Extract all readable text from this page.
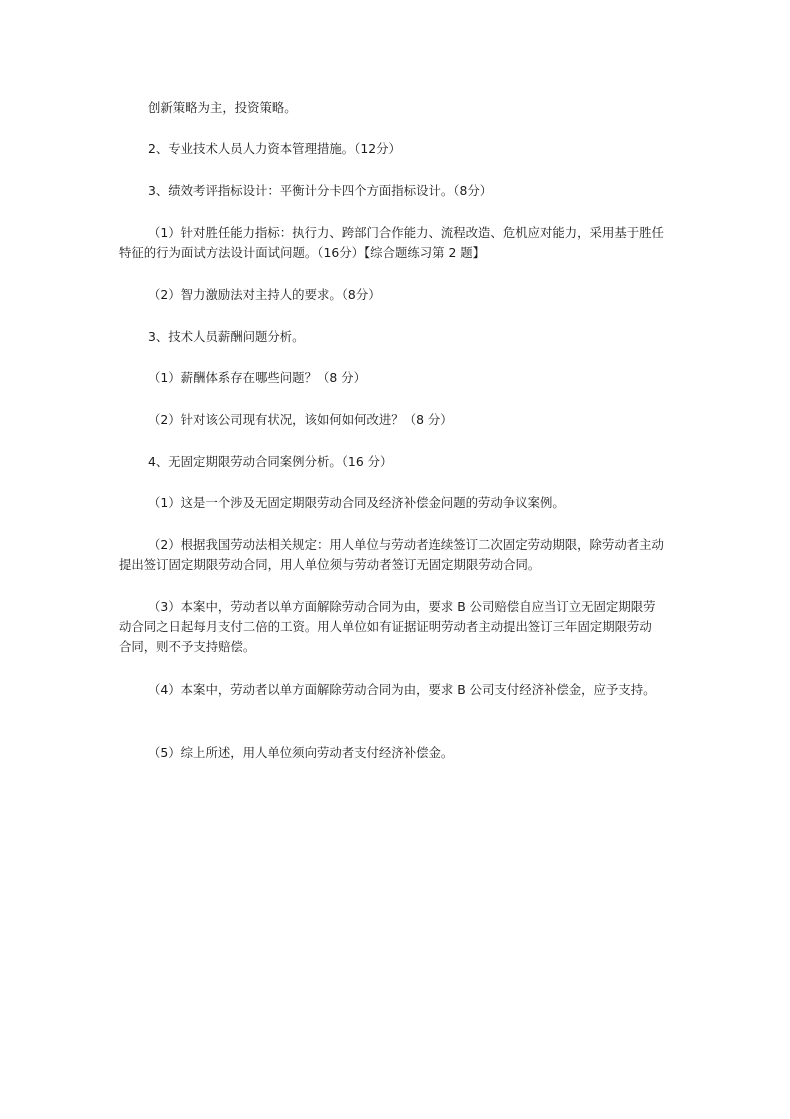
创新策略为主，投资策略。

2、专业技术人员人力资本管理措施。（12分）

3、绩效考评指标设计：平衡计分卡四个方面指标设计。（8分）

（1）针对胜任能力指标：执行力、跨部门合作能力、流程改造、危机应对能力，采用基于胜任特征的行为面试方法设计面试问题。（16分）【综合题练习第 2 题】

（2）智力激励法对主持人的要求。（8分）

3、技术人员薪酬问题分析。

（1）薪酬体系存在哪些问题？（8 分）

（2）针对该公司现有状况，该如何如何改进？（8 分）

4、无固定期限劳动合同案例分析。（16 分）

（1）这是一个涉及无固定期限劳动合同及经济补偿金问题的劳动争议案例。

（2）根据我国劳动法相关规定：用人单位与劳动者连续签订二次固定劳动期限，除劳动者主动提出签订固定期限劳动合同，用人单位须与劳动者签订无固定期限劳动合同。

（3）本案中，劳动者以单方面解除劳动合同为由，要求 B 公司赔偿自应当订立无固定期限劳动合同之日起每月支付二倍的工资。用人单位如有证据证明劳动者主动提出签订三年固定期限劳动合同，则不予支持赔偿。

（4）本案中，劳动者以单方面解除劳动合同为由，要求 B 公司支付经济补偿金，应予支持。

（5）综上所述，用人单位须向劳动者支付经济补偿金。
